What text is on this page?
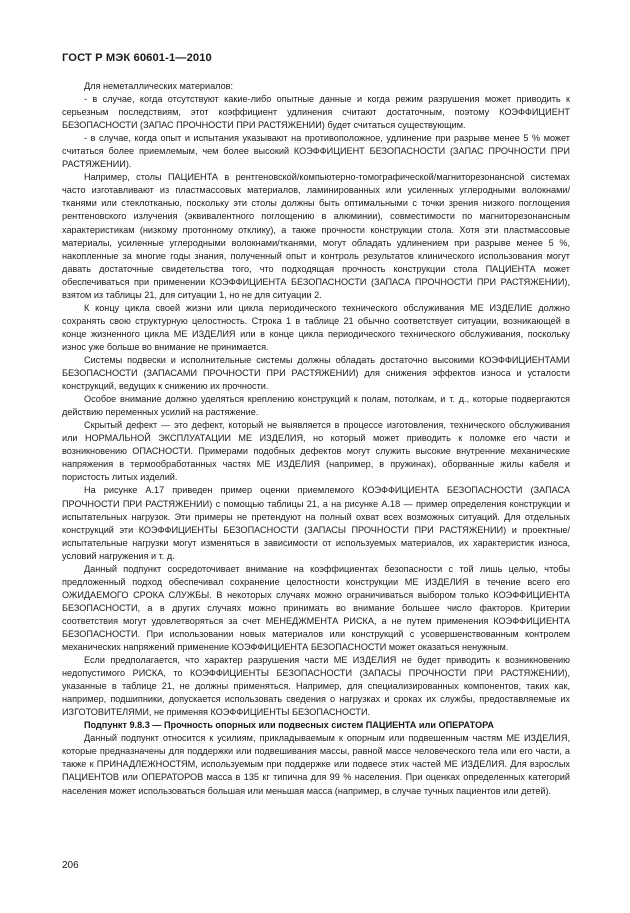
ГОСТ Р МЭК 60601-1—2010

Для неметаллических материалов:

- в случае, когда отсутствуют какие-либо опытные данные и когда режим разрушения может приводить к серьезным последствиям, этот коэффициент удлинения считают достаточным, поэтому КОЭФФИЦИЕНТ БЕЗОПАСНОСТИ (ЗАПАС ПРОЧНОСТИ ПРИ РАСТЯЖЕНИИ) будет считаться существующим.

- в случае, когда опыт и испытания указывают на противоположное, удлинение при разрыве менее 5 % может считаться более приемлемым, чем более высокий КОЭФФИЦИЕНТ БЕЗОПАСНОСТИ (ЗАПАС ПРОЧНОСТИ ПРИ РАСТЯЖЕНИИ).

Например, столы ПАЦИЕНТА в рентгеновской/компьютерно-томографической/магниторезонансной системах часто изготавливают из пластмассовых материалов, ламинированных или усиленных углеродными волокнами/тканями или стеклотканью, поскольку эти столы должны быть оптимальными с точки зрения низкого поглощения рентгеновского излучения (эквивалентного поглощению в алюминии), совместимости по магниторезонансным характеристикам (низкому протонному отклику), а также прочности конструкции стола. Хотя эти пластмассовые материалы, усиленные углеродными волокнами/тканями, могут обладать удлинением при разрыве менее 5 %, накопленные за многие годы знания, полученный опыт и контроль результатов клинического использования могут давать достаточные свидетельства того, что подходящая прочность конструкции стола ПАЦИЕНТА может обеспечиваться при применении КОЭФФИЦИЕНТА БЕЗОПАСНОСТИ (ЗАПАСА ПРОЧНОСТИ ПРИ РАСТЯЖЕНИИ), взятом из таблицы 21, для ситуации 1, но не для ситуации 2.

К концу цикла своей жизни или цикла периодического технического обслуживания МЕ ИЗДЕЛИЕ должно сохранять свою структурную целостность. Строка 1 в таблице 21 обычно соответствует ситуации, возникающей в конце жизненного цикла МЕ ИЗДЕЛИЯ или в конце цикла периодического технического обслуживания, поскольку износ уже больше во внимание не принимается.

Системы подвески и исполнительные системы должны обладать достаточно высокими КОЭФФИЦИЕНТАМИ БЕЗОПАСНОСТИ (ЗАПАСАМИ ПРОЧНОСТИ ПРИ РАСТЯЖЕНИИ) для снижения эффектов износа и усталости конструкций, ведущих к снижению их прочности.

Особое внимание должно уделяться креплению конструкций к полам, потолкам, и т. д., которые подвергаются действию переменных усилий на растяжение.

Скрытый дефект — это дефект, который не выявляется в процессе изготовления, технического обслуживания или НОРМАЛЬНОЙ ЭКСПЛУАТАЦИИ МЕ ИЗДЕЛИЯ, но который может приводить к поломке его части и возникновению ОПАСНОСТИ. Примерами подобных дефектов могут служить высокие внутренние механические напряжения в термообработанных частях МЕ ИЗДЕЛИЯ (например, в пружинах), оборванные жилы кабеля и пористость литых изделий.

На рисунке А.17 приведен пример оценки приемлемого КОЭФФИЦИЕНТА БЕЗОПАСНОСТИ (ЗАПАСА ПРОЧНОСТИ ПРИ РАСТЯЖЕНИИ) с помощью таблицы 21, а на рисунке А.18 — пример определения конструкции и испытательных нагрузок. Эти примеры не претендуют на полный охват всех возможных ситуаций. Для отдельных конструкций эти КОЭФФИЦИЕНТЫ БЕЗОПАСНОСТИ (ЗАПАСЫ ПРОЧНОСТИ ПРИ РАСТЯЖЕНИИ) и проектные/испытательные нагрузки могут изменяться в зависимости от используемых материалов, их характеристик износа, условий нагружения и т. д.

Данный подпункт сосредоточивает внимание на коэффициентах безопасности с той лишь целью, чтобы предложенный подход обеспечивал сохранение целостности конструкции МЕ ИЗДЕЛИЯ в течение всего его ОЖИДАЕМОГО СРОКА СЛУЖБЫ. В некоторых случаях можно ограничиваться выбором только КОЭФФИЦИЕНТА БЕЗОПАСНОСТИ, а в других случаях можно принимать во внимание большее число факторов. Критерии соответствия могут удовлетворяться за счет МЕНЕДЖМЕНТА РИСКА, а не путем применения КОЭФФИЦИЕНТА БЕЗОПАСНОСТИ. При использовании новых материалов или конструкций с усовершенствованным контролем механических напряжений применение КОЭФФИЦИЕНТА БЕЗОПАСНОСТИ может оказаться ненужным.

Если предполагается, что характер разрушения части МЕ ИЗДЕЛИЯ не будет приводить к возникновению недопустимого РИСКА, то КОЭФФИЦИЕНТЫ БЕЗОПАСНОСТИ (ЗАПАСЫ ПРОЧНОСТИ ПРИ РАСТЯЖЕНИИ), указанные в таблице 21, не должны применяться. Например, для специализированных компонентов, таких как, например, подшипники, допускается использовать сведения о нагрузках и сроках их службы, предоставляемые их ИЗГОТОВИТЕЛЯМИ, не применяя КОЭФФИЦИЕНТЫ БЕЗОПАСНОСТИ.

Подпункт 9.8.3 — Прочность опорных или подвесных систем ПАЦИЕНТА или ОПЕРАТОРА

Данный подпункт относится к усилиям, прикладываемым к опорным или подвешенным частям МЕ ИЗДЕЛИЯ, которые предназначены для поддержки или подвешивания массы, равной массе человеческого тела или его части, а также к ПРИНАДЛЕЖНОСТЯМ, используемым при поддержке или подвесе этих частей МЕ ИЗДЕЛИЯ. Для взрослых ПАЦИЕНТОВ или ОПЕРАТОРОВ масса в 135 кг типична для 99 % населения. При оценках определенных категорий населения может использоваться большая или меньшая масса (например, в случае тучных пациентов или детей).

206
